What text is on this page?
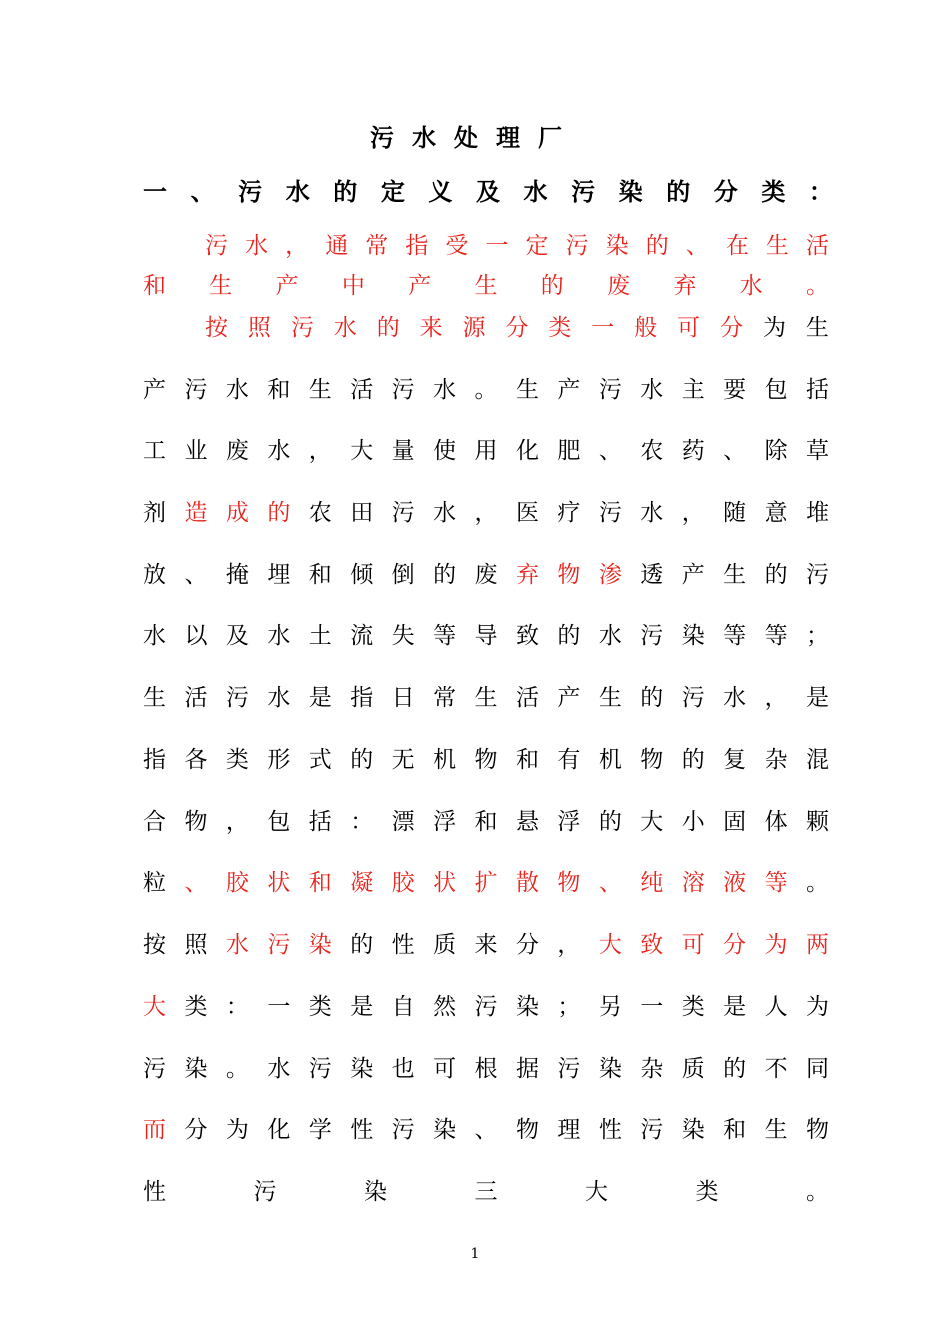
污水处理厂
一 、 污 水 的 定 义 及 水 污 染 的 分 类 ：
污 水 ， 通 常 指 受 一 定 污 染 的 、 在 生 活
和 生 产 中 产 生 的 废 弃 水 。
按 照 污 水 的 来 源 分 类 一 般 可 分 为 生
产 污 水 和 生 活 污 水 。 生 产 污 水 主 要 包 括
工 业 废 水 ， 大 量 使 用 化 肥 、 农 药 、 除 草
剂 造 成 的 农 田 污 水 ， 医 疗 污 水 ， 随 意 堆
放 、 掩 埋 和 倾 倒 的 废 弃 物 渗 透 产 生 的 污
水 以 及 水 土 流 失 等 导 致 的 水 污 染 等 等 ；
生 活 污 水 是 指 日 常 生 活 产 生 的 污 水 ， 是
指 各 类 形 式 的 无 机 物 和 有 机 物 的 复 杂 混
合 物 ， 包 括 ： 漂 浮 和 悬 浮 的 大 小 固 体 颗
粒 、 胶 状 和 凝 胶 状 扩 散 物 、 纯 溶 液 等 。
按 照 水 污 染 的 性 质 来 分 ， 大 致 可 分 为 两
大 类 ： 一 类 是 自 然 污 染 ； 另 一 类 是 人 为
污 染 。 水 污 染 也 可 根 据 污 染 杂 质 的 不 同
而 分 为 化 学 性 污 染 、 物 理 性 污 染 和 生 物
性	污	染	三	大	类	。
1
